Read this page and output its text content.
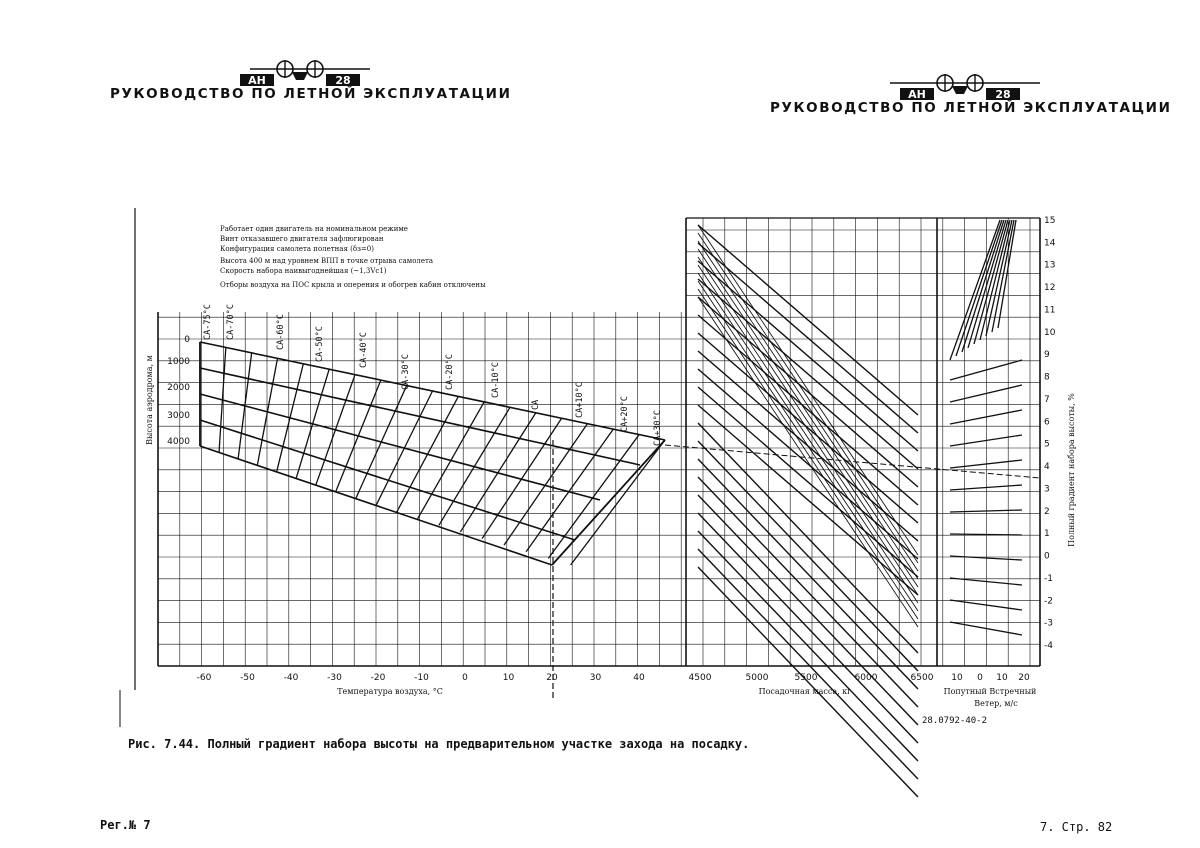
АН	28
РУКОВОДСТВО ПО ЛЕТНОЙ ЭКСПЛУАТАЦИИ	АН	28
РУКОВОДСТВО ПО ЛЕТНОЙ ЭКСПЛУАТАЦИИ
-60	-50	-40	-30	-20	-10	0	10	20	30	40
Температура воздуха, °С
0
1000
2000
3000
4000
Высота аэродрома, м
СА-75°С СА-70°С	СА-60°С	СА-50°С	СА-40°С
СА-30°С	СА-20°С	СА-10°С
СА	СА+10°С	СА+20°С	СА+30°С
4500	5000	5500	6000	6500
Посадочная масса, кг
10 0 10 20
Попутный Встречный
Ветер, м/с
15
14
13
12
11
10
9
8
7
6
5
4
3
2
1
0
-1
-2
-3
-4
Полный градиент набора высоты, %
Работает один двигатель на номинальном режиме
Винт отказавшего двигателя зафлюгирован
Конфигурация самолета полетная (δз=0)
Высота 400 м над уровнем ВПП в точке отрыва самолета
Скорость набора наивыгоднейшая (~1,3Vс1)
Отборы воздуха на ПОС крыла и оперения и обогрев кабин отключены
28.0792-40-2
Рис. 7.44. Полный градиент набора высоты на предварительном участке захода на посадку.
Рег.№ 7	7. Стр. 82
